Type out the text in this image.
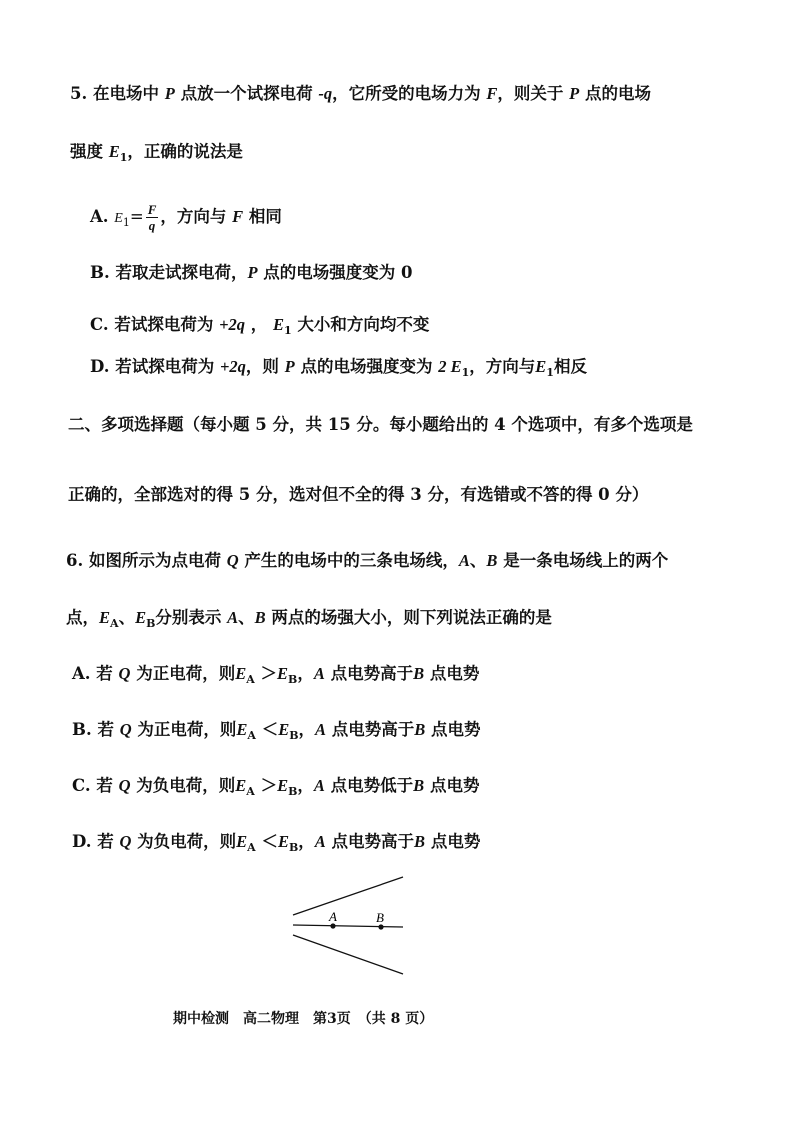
5. 在电场中 P 点放一个试探电荷 -q，它所受的电场力为 F，则关于 P 点的电场
强度 $E_1$，正确的说法是
A. $E_1= \frac{F}{q}$ ，方向与 F 相同
B. 若取走试探电荷，P 点的电场强度变为 0
C. 若试探电荷为 +2q ， $E_1$ 大小和方向均不变
D. 若试探电荷为 +2q，则 P 点的电场强度变为 2 $E_1$，方向与$E_1$相反
二、多项选择题（每小题 5 分，共 15 分。每小题给出的 4 个选项中，有多个选项是
正确的，全部选对的得 5 分，选对但不全的得 3 分，有选错或不答的得 0 分）
6. 如图所示为点电荷 Q 产生的电场中的三条电场线，A、B 是一条电场线上的两个
点，$E_A$、$E_B$分别表示 A、B 两点的场强大小，则下列说法正确的是
A. 若 Q 为正电荷，则$E_A >E_B$，A 点电势高于B 点电势
B. 若 Q 为正电荷，则$E_A <E_B$，A 点电势高于B 点电势
C. 若 Q 为负电荷，则$E_A >E_B$，A 点电势低于B 点电势
D. 若 Q 为负电荷，则$E_A <E_B$，A 点电势高于B 点电势
A	B
期中检测　高二物理　第3页　（共 8 页）
